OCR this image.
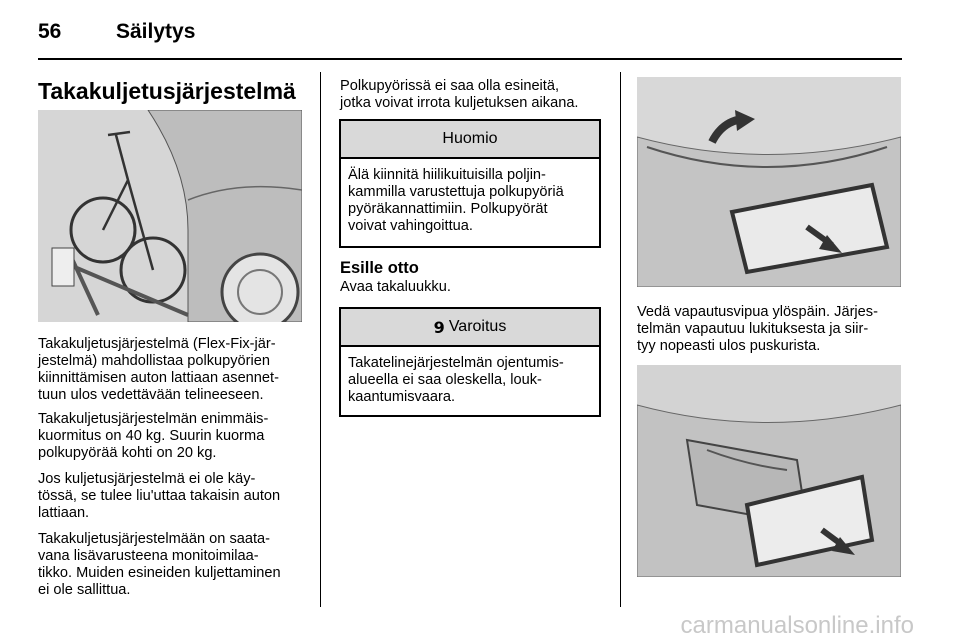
56	Säilytys
Takakuljetusjärjestelmä

Takakuljetusjärjestelmä (Flex-Fix-jär-
jestelmä) mahdollistaa polkupyörien
kiinnittämisen auton lattiaan asennet-
tuun ulos vedettävään telineeseen.

Takakuljetusjärjestelmän enimmäis-
kuormitus on 40 kg. Suurin kuorma
polkupyörää kohti on 20 kg.

Jos kuljetusjärjestelmä ei ole käy-
tössä, se tulee liu'uttaa takaisin auton
lattiaan.

Takakuljetusjärjestelmään on saata-
vana lisävarusteena monitoimilaa-
tikko. Muiden esineiden kuljettaminen
ei ole sallittua.

Polkupyörissä ei saa olla esineitä,
jotka voivat irrota kuljetuksen aikana.

Huomio
Älä kiinnitä hiilikuituisilla poljin-
kammilla varustettuja polkupyöriä
pyöräkannattimiin. Polkupyörät
voivat vahingoittua.
Esille otto

Avaa takaluukku.

9 Varoitus
Takatelinejärjestelmän ojentumis-
alueella ei saa oleskella, louk-
kaantumisvaara.

Vedä vapautusvipua ylöspäin. Järjes-
telmän vapautuu lukituksesta ja siir-
tyy nopeasti ulos puskurista.

carmanualsonline.info
